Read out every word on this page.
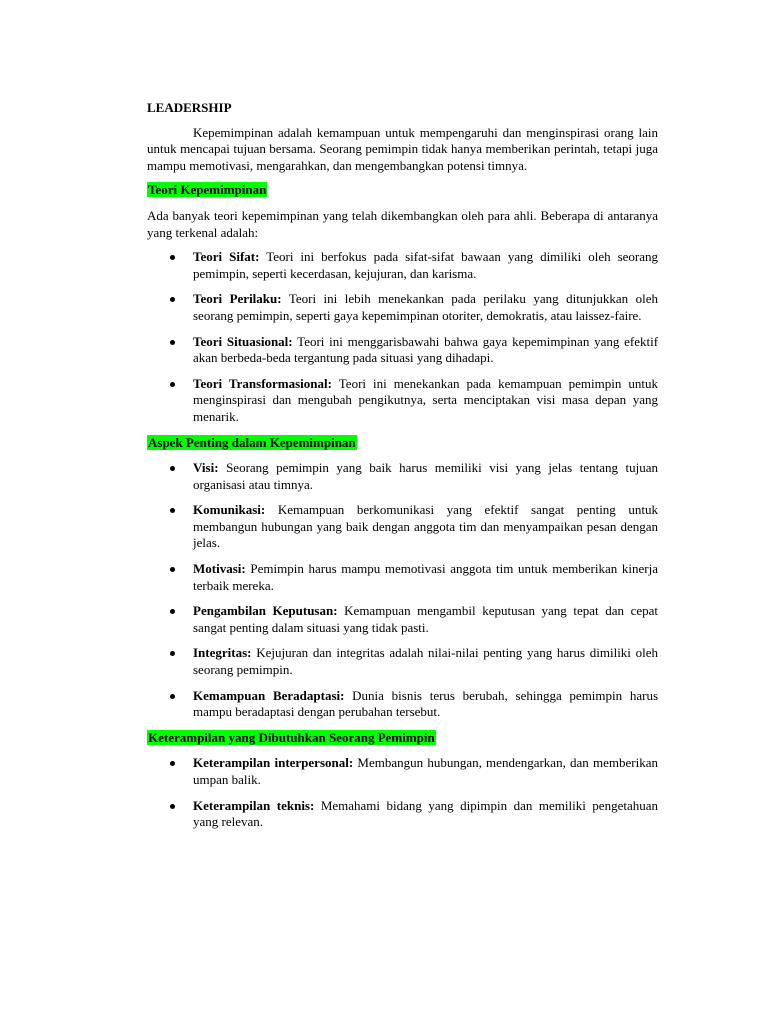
LEADERSHIP

Kepemimpinan adalah kemampuan untuk mempengaruhi dan menginspirasi orang lain untuk mencapai tujuan bersama. Seorang pemimpin tidak hanya memberikan perintah, tetapi juga mampu memotivasi, mengarahkan, dan mengembangkan potensi timnya.

Teori Kepemimpinan

Ada banyak teori kepemimpinan yang telah dikembangkan oleh para ahli. Beberapa di antaranya yang terkenal adalah:

Teori Sifat: Teori ini berfokus pada sifat-sifat bawaan yang dimiliki oleh seorang pemimpin, seperti kecerdasan, kejujuran, dan karisma.
Teori Perilaku: Teori ini lebih menekankan pada perilaku yang ditunjukkan oleh seorang pemimpin, seperti gaya kepemimpinan otoriter, demokratis, atau laissez-faire.
Teori Situasional: Teori ini menggarisbawahi bahwa gaya kepemimpinan yang efektif akan berbeda-beda tergantung pada situasi yang dihadapi.
Teori Transformasional: Teori ini menekankan pada kemampuan pemimpin untuk menginspirasi dan mengubah pengikutnya, serta menciptakan visi masa depan yang menarik.
Aspek Penting dalam Kepemimpinan
Visi: Seorang pemimpin yang baik harus memiliki visi yang jelas tentang tujuan organisasi atau timnya.
Komunikasi: Kemampuan berkomunikasi yang efektif sangat penting untuk membangun hubungan yang baik dengan anggota tim dan menyampaikan pesan dengan jelas.
Motivasi: Pemimpin harus mampu memotivasi anggota tim untuk memberikan kinerja terbaik mereka.
Pengambilan Keputusan: Kemampuan mengambil keputusan yang tepat dan cepat sangat penting dalam situasi yang tidak pasti.
Integritas: Kejujuran dan integritas adalah nilai-nilai penting yang harus dimiliki oleh seorang pemimpin.
Kemampuan Beradaptasi: Dunia bisnis terus berubah, sehingga pemimpin harus mampu beradaptasi dengan perubahan tersebut.
Keterampilan yang Dibutuhkan Seorang Pemimpin
Keterampilan interpersonal: Membangun hubungan, mendengarkan, dan memberikan umpan balik.
Keterampilan teknis: Memahami bidang yang dipimpin dan memiliki pengetahuan yang relevan.
